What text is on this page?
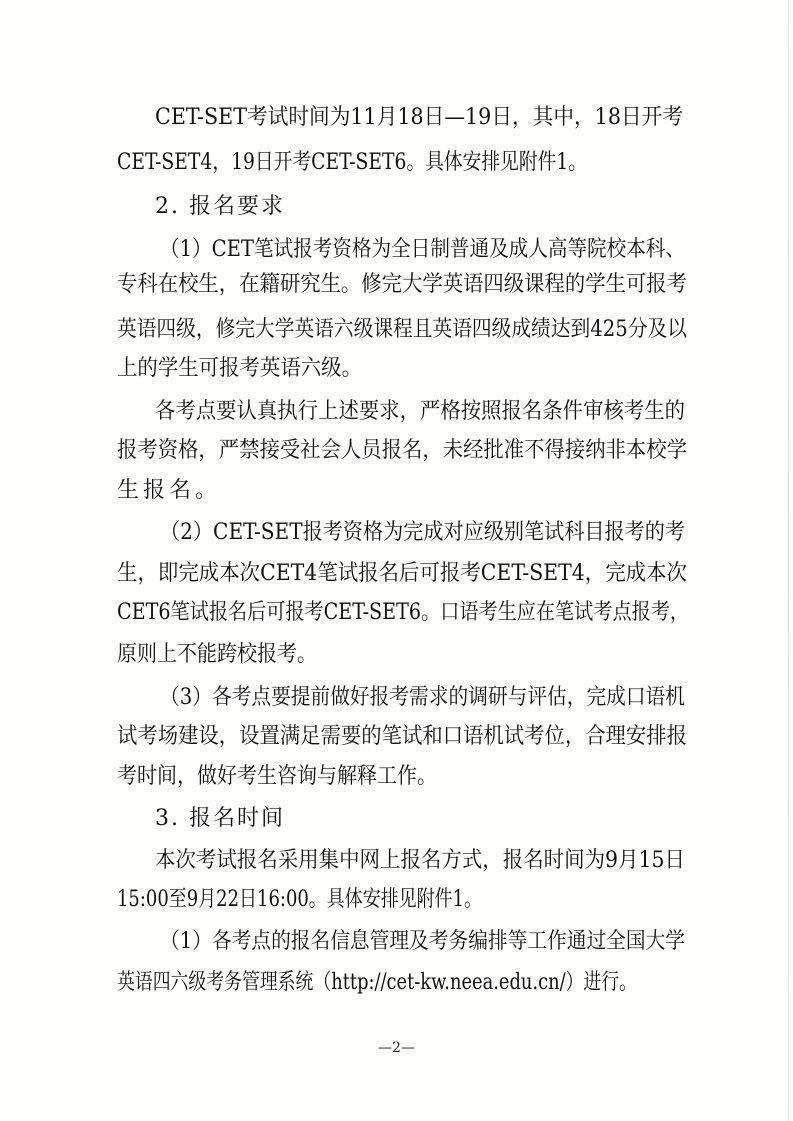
CET-SET考试时间为11月18日—19日，其中，18日开考
CET-SET4，19日开考CET-SET6。具体安排见附件1。
2. 报名要求
（1）CET笔试报考资格为全日制普通及成人高等院校本科、
专科在校生，在籍研究生。修完大学英语四级课程的学生可报考
英语四级，修完大学英语六级课程且英语四级成绩达到425分及以
上的学生可报考英语六级。
各考点要认真执行上述要求，严格按照报名条件审核考生的
报考资格，严禁接受社会人员报名，未经批准不得接纳非本校学
生报名。
（2）CET-SET报考资格为完成对应级别笔试科目报考的考
生，即完成本次CET4笔试报名后可报考CET-SET4，完成本次
CET6笔试报名后可报考CET-SET6。口语考生应在笔试考点报考，
原则上不能跨校报考。
（3）各考点要提前做好报考需求的调研与评估，完成口语机
试考场建设，设置满足需要的笔试和口语机试考位，合理安排报
考时间，做好考生咨询与解释工作。
3. 报名时间
本次考试报名采用集中网上报名方式，报名时间为9月15日
15:00至9月22日16:00。具体安排见附件1。
（1）各考点的报名信息管理及考务编排等工作通过全国大学
英语四六级考务管理系统（http://cet-kw.neea.edu.cn/）进行。
—2—
